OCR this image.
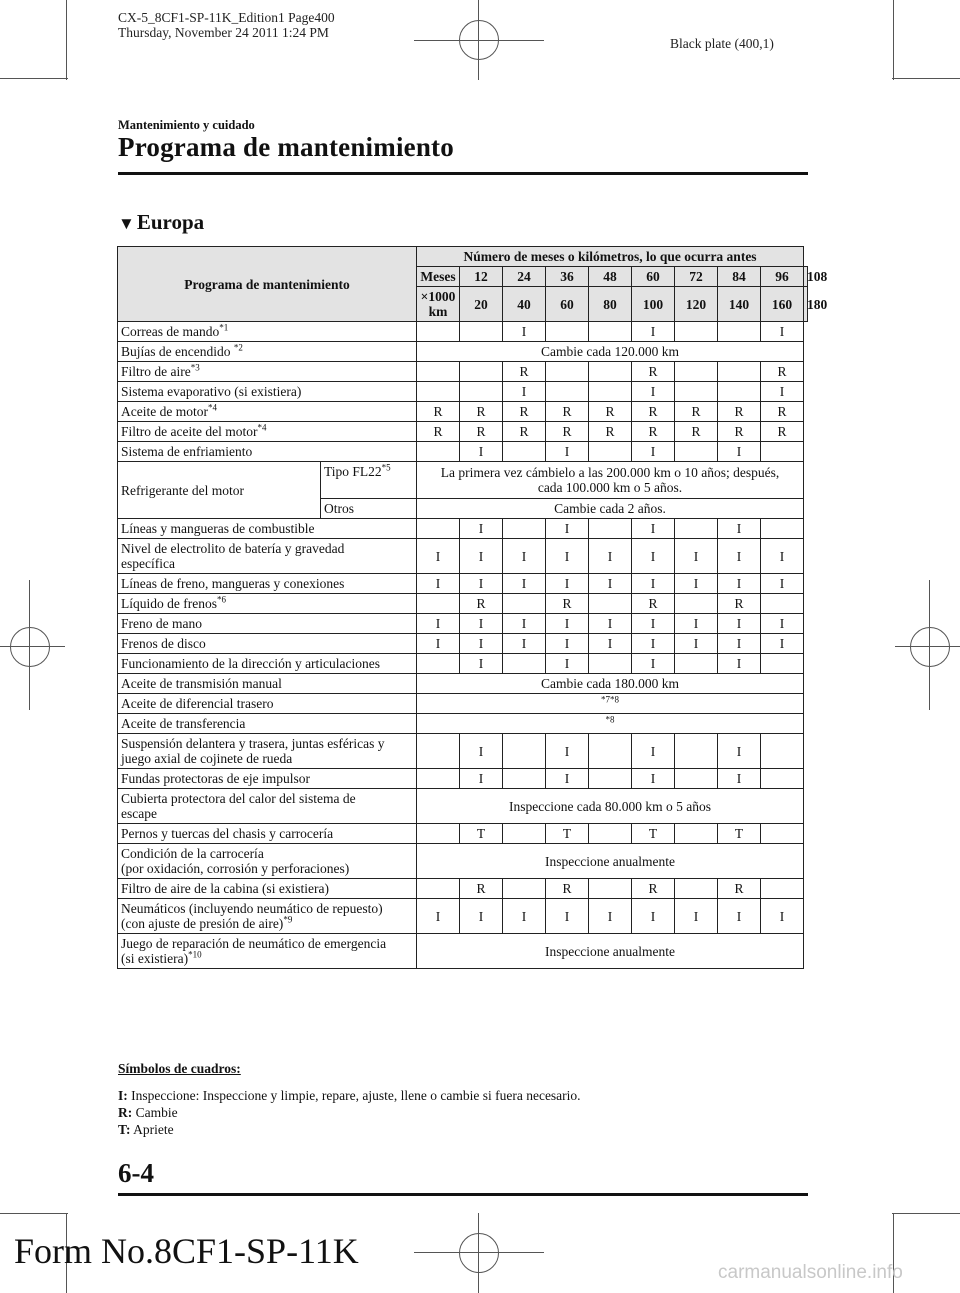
CX-5_8CF1-SP-11K_Edition1 Page400
Thursday, November 24 2011 1:24 PM
Black plate (400,1)
Mantenimiento y cuidado
Programa de mantenimiento
▼Europa
Programa de mantenimiento		Número de meses o kilómetros, lo que ocurra antes									
		Meses	12	24	36	48	60	72	84	96	108
		×1000 km	20	40	60	80	100	120	140	160	180
Correas de mando$^{*1}$				I			I			I	
Bujías de encendido $^{*2}$		Cambie cada 120.000 km									
Filtro de aire$^{*3}$				R			R			R	
Sistema evaporativo (si existiera)				I			I			I	
Aceite de motor$^{*4}$		R	R	R	R	R	R	R	R	R	
Filtro de aceite del motor$^{*4}$		R	R	R	R	R	R	R	R	R	
Sistema de enfriamiento			I		I		I		I		
Refrigerante del motor	Tipo FL22$^{*5}$	La primera vez cámbielo a las 200.000 km o 10 años; después,
cada 100.000 km o 5 años.									
	Otros	Cambie cada 2 años.									
Líneas y mangueras de combustible			I		I		I		I		
Nivel de electrolito de batería y gravedad
específica		I	I	I	I	I	I	I	I	I	
Líneas de freno, mangueras y conexiones		I	I	I	I	I	I	I	I	I	
Líquido de frenos$^{*6}$			R		R		R		R		
Freno de mano		I	I	I	I	I	I	I	I	I	
Frenos de disco		I	I	I	I	I	I	I	I	I	
Funcionamiento de la dirección y articulaciones			I		I		I		I		
Aceite de transmisión manual		Cambie cada 180.000 km									
Aceite de diferencial trasero		$^{*7*8}$
Aceite de transferencia		$^{*8}$
Suspensión delantera y trasera, juntas esféricas y
juego axial de cojinete de rueda			I		I		I		I		
Fundas protectoras de eje impulsor			I		I		I		I		
Cubierta protectora del calor del sistema de
escape		Inspeccione cada 80.000 km o 5 años									
Pernos y tuercas del chasis y carrocería			T		T		T		T		
Condición de la carrocería
(por oxidación, corrosión y perforaciones)		Inspeccione anualmente									
Filtro de aire de la cabina (si existiera)			R		R		R		R		
Neumáticos (incluyendo neumático de repuesto)
(con ajuste de presión de aire)$^{*9}$		I	I	I	I	I	I	I	I	I	
Juego de reparación de neumático de emergencia
(si existiera)$^{*10}$		Inspeccione anualmente									
Símbolos de cuadros:
I: Inspeccione: Inspeccione y limpie, repare, ajuste, llene o cambie si fuera necesario.
R: Cambie
T: Apriete
6-4
Form No.8CF1-SP-11K
carmanualsonline.info
